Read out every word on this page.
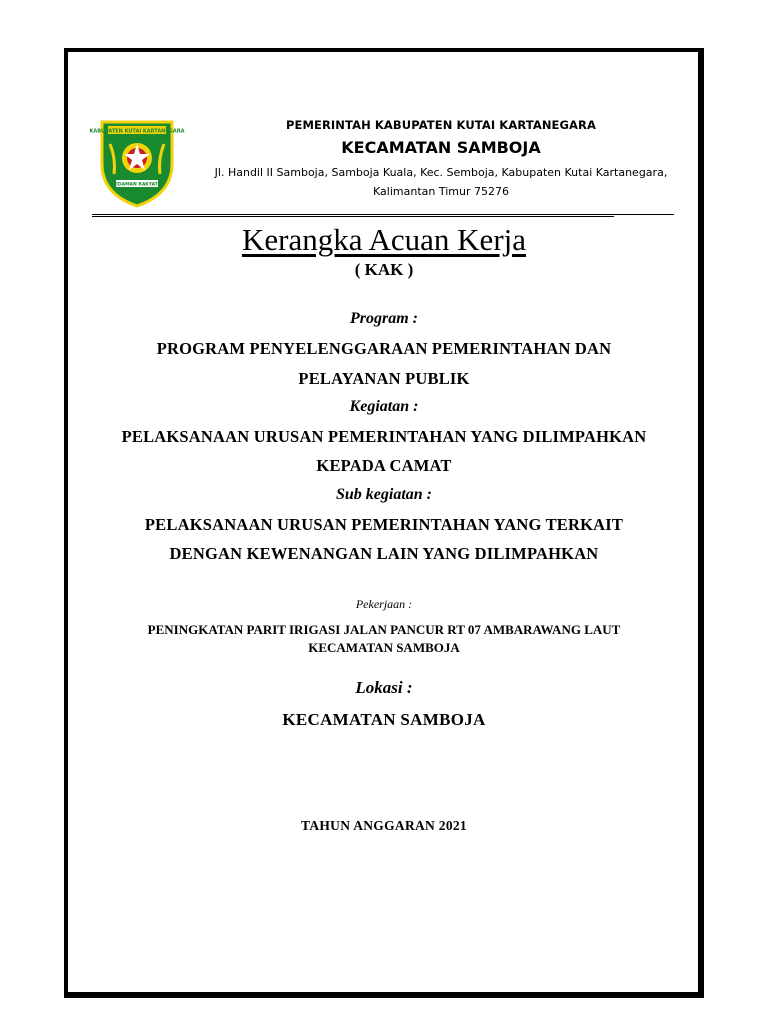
KABUPATEN KUTAI KARTANEGARA
IDAMAN RAKYAT
PEMERINTAH KABUPATEN KUTAI KARTANEGARA
KECAMATAN SAMBOJA
Jl. Handil II Samboja, Samboja Kuala, Kec. Semboja, Kabupaten Kutai Kartanegara,
Kalimantan Timur 75276
Kerangka Acuan Kerja
( KAK )
Program :
PROGRAM PENYELENGGARAAN PEMERINTAHAN DAN
PELAYANAN PUBLIK
Kegiatan :
PELAKSANAAN URUSAN PEMERINTAHAN YANG DILIMPAHKAN
KEPADA CAMAT
Sub kegiatan :
PELAKSANAAN URUSAN PEMERINTAHAN YANG TERKAIT
DENGAN KEWENANGAN LAIN YANG DILIMPAHKAN
Pekerjaan :
PENINGKATAN PARIT IRIGASI JALAN PANCUR RT 07 AMBARAWANG LAUT
KECAMATAN SAMBOJA
Lokasi :
KECAMATAN SAMBOJA
TAHUN ANGGARAN 2021
